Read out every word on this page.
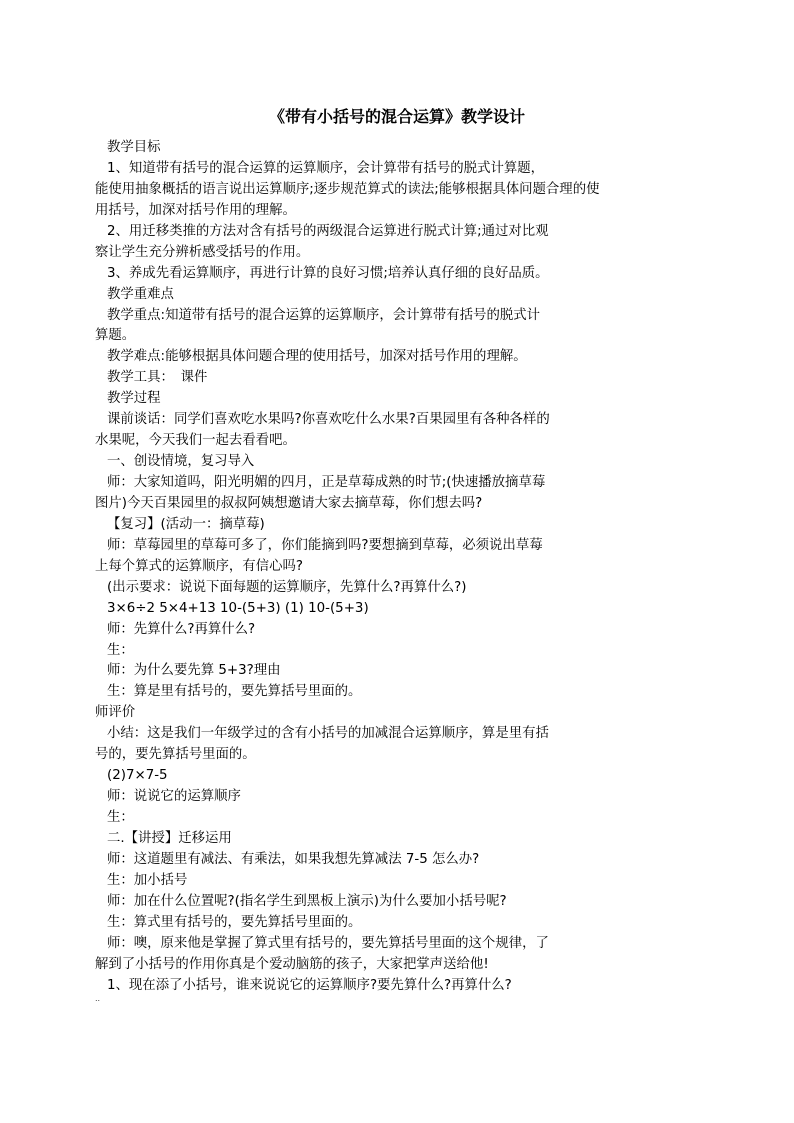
《带有小括号的混合运算》教学设计
教学目标
1、知道带有括号的混合运算的运算顺序，会计算带有括号的脱式计算题，
能使用抽象概括的语言说出运算顺序;逐步规范算式的读法;能够根据具体问题合理的使
用括号，加深对括号作用的理解。
2、用迁移类推的方法对含有括号的两级混合运算进行脱式计算;通过对比观
察让学生充分辨析感受括号的作用。
3、养成先看运算顺序，再进行计算的良好习惯;培养认真仔细的良好品质。
教学重难点
教学重点:知道带有括号的混合运算的运算顺序，会计算带有括号的脱式计
算题。
教学难点:能够根据具体问题合理的使用括号，加深对括号作用的理解。
教学工具：　课件
教学过程
课前谈话：同学们喜欢吃水果吗?你喜欢吃什么水果?百果园里有各种各样的
水果呢，今天我们一起去看看吧。
一、创设情境，复习导入
师：大家知道吗，阳光明媚的四月，正是草莓成熟的时节;(快速播放摘草莓
图片)今天百果园里的叔叔阿姨想邀请大家去摘草莓，你们想去吗?
【复习】(活动一：摘草莓)
师：草莓园里的草莓可多了，你们能摘到吗?要想摘到草莓，必须说出草莓
上每个算式的运算顺序，有信心吗?
(出示要求：说说下面每题的运算顺序，先算什么?再算什么?)
3×6÷2 5×4+13 10-(5+3) (1) 10-(5+3)
师：先算什么?再算什么?
生：
师：为什么要先算 5+3?理由
生：算是里有括号的，要先算括号里面的。
师评价
小结：这是我们一年级学过的含有小括号的加减混合运算顺序，算是里有括
号的，要先算括号里面的。
(2)7×7-5
师：说说它的运算顺序
生：
二.【讲授】迁移运用
师：这道题里有减法、有乘法，如果我想先算减法 7-5 怎么办?
生：加小括号
师：加在什么位置呢?(指名学生到黑板上演示)为什么要加小括号呢?
生：算式里有括号的，要先算括号里面的。
师：噢，原来他是掌握了算式里有括号的，要先算括号里面的这个规律，了
解到了小括号的作用你真是个爱动脑筋的孩子，大家把掌声送给他!
1、现在添了小括号，谁来说说它的运算顺序?要先算什么?再算什么?
..
